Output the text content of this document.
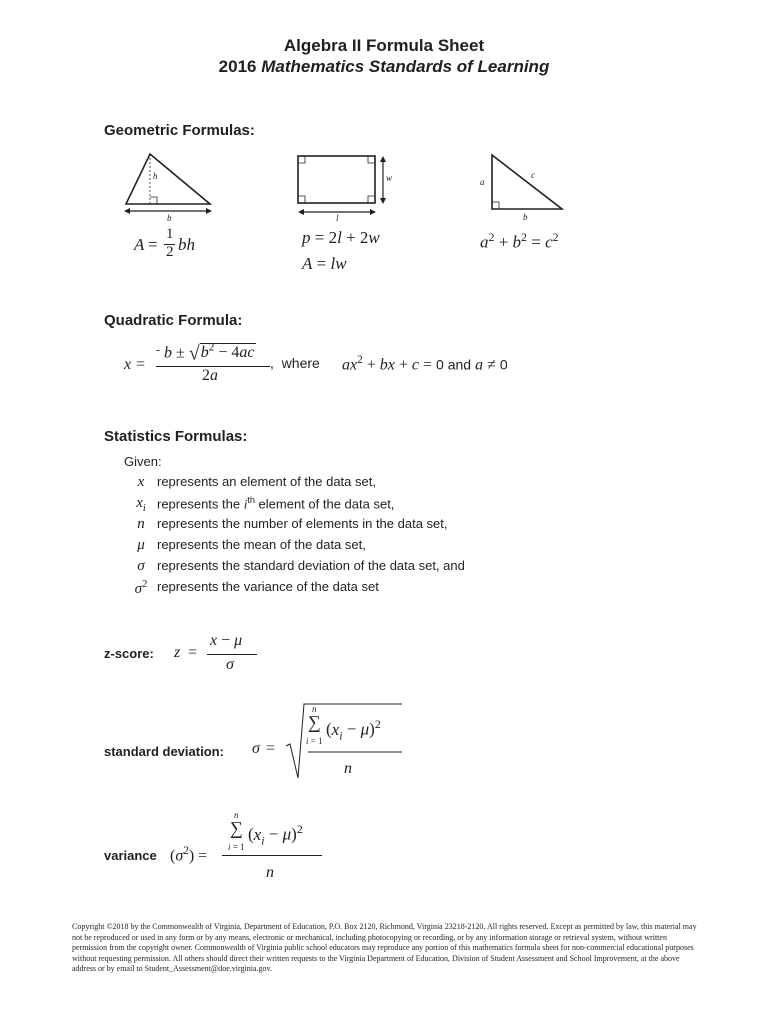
Algebra II Formula Sheet
2016 Mathematics Standards of Learning
Geometric Formulas:
h
b
A =
1
2 bh
w
l
p = 2l + 2w
A = lw
a
c
b
$a^2 + b^2 = c^2$
Quadratic Formula:
x =
- $b \pm √b^2 - 4ac$
2a
,  where $ax^2$ + bx + c = 0 and a ≠ 0
Statistics Formulas:
Given:
x represents an element of the data set,
$x_i$ represents the $i^{th}$ element of the data set,
n represents the number of elements in the data set,
μ represents the mean of the data set,
σ represents the standard deviation of the data set, and
$\sigma^2$ represents the variance of the data set
z-score: z =
x − μ
σ
standard deviation: σ =
n
∑
i = 1
$(x_i - \mu)^2$
n
variance $(\sigma^2)$ =
n
∑
i = 1
$(x_i - \mu)^2$
n
Copyright ©2018 by the Commonwealth of Virginia, Department of Education, P.O. Box 2120, Richmond, Virginia 23218-2120. All rights reserved. Except as permitted by law, this material may not be reproduced or used in any form or by any means, electronic or mechanical, including photocopying or recording, or by any information storage or retrieval system, without written permission from the copyright owner. Commonwealth of Virginia public school educators may reproduce any portion of this mathematics formula sheet for non-commercial educational purposes without requesting permission. All others should direct their written requests to the Virginia Department of Education, Division of Student Assessment and School Improvement, at the above address or by email to Student_Assessment@doe.virginia.gov.
